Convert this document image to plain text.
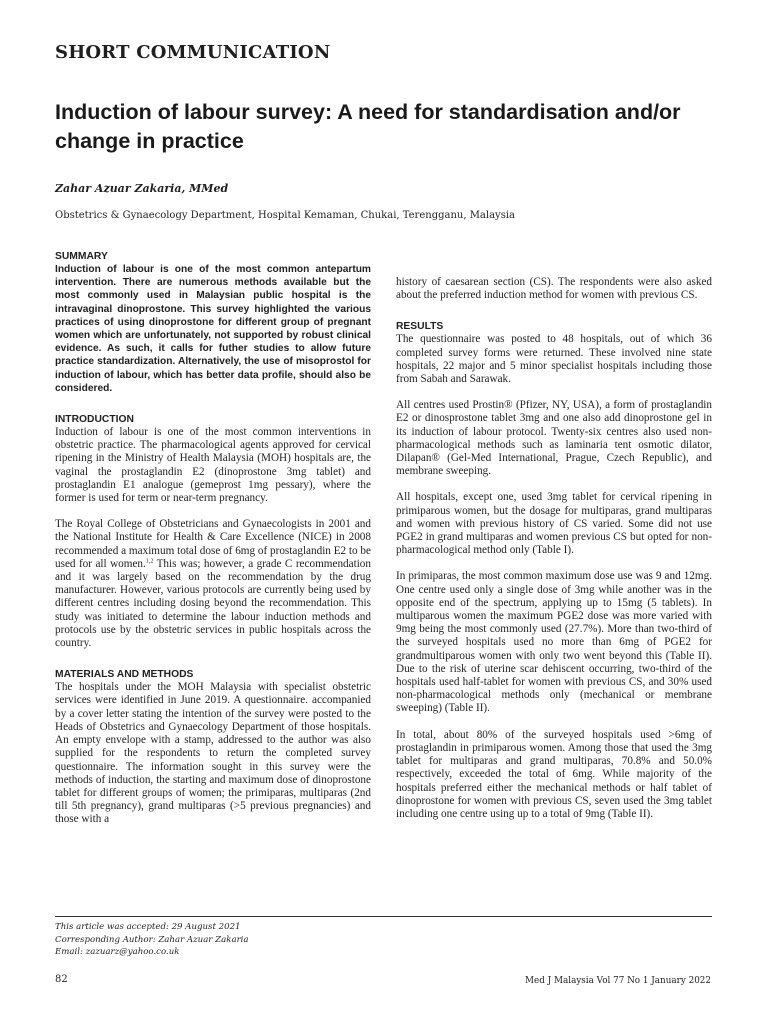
SHORT COMMUNICATION
Induction of labour survey: A need for standardisation and/or change in practice

Zahar Azuar Zakaria, MMed

Obstetrics & Gynaecology Department, Hospital Kemaman, Chukai, Terengganu, Malaysia

SUMMARY

Induction of labour is one of the most common antepartum intervention. There are numerous methods available but the most commonly used in Malaysian public hospital is the intravaginal dinoprostone. This survey highlighted the various practices of using dinoprostone for different group of pregnant women which are unfortunately, not supported by robust clinical evidence. As such, it calls for futher studies to allow future practice standardization. Alternatively, the use of misoprostol for induction of labour, which has better data profile, should also be considered.

INTRODUCTION

Induction of labour is one of the most common interventions in obstetric practice. The pharmacological agents approved for cervical ripening in the Ministry of Health Malaysia (MOH) hospitals are, the vaginal the prostaglandin E2 (dinoprostone 3mg tablet) and prostaglandin E1 analogue (gemeprost 1mg pessary), where the former is used for term or near-term pregnancy.

The Royal College of Obstetricians and Gynaecologists in 2001 and the National Institute for Health & Care Excellence (NICE) in 2008 recommended a maximum total dose of 6mg of prostaglandin E2 to be used for all women.$^{1,2}$ This was; however, a grade C recommendation and it was largely based on the recommendation by the drug manufacturer. However, various protocols are currently being used by different centres including dosing beyond the recommendation. This study was initiated to determine the labour induction methods and protocols use by the obstetric services in public hospitals across the country.

MATERIALS AND METHODS

The hospitals under the MOH Malaysia with specialist obstetric services were identified in June 2019. A questionnaire. accompanied by a cover letter stating the intention of the survey were posted to the Heads of Obstetrics and Gynaecology Department of those hospitals. An empty envelope with a stamp, addressed to the author was also supplied for the respondents to return the completed survey questionnaire. The information sought in this survey were the methods of induction, the starting and maximum dose of dinoprostone tablet for different groups of women; the primiparas, multiparas (2nd till 5th pregnancy), grand multiparas (>5 previous pregnancies) and those with a

history of caesarean section (CS). The respondents were also asked about the preferred induction method for women with previous CS.

RESULTS

The questionnaire was posted to 48 hospitals, out of which 36 completed survey forms were returned. These involved nine state hospitals, 22 major and 5 minor specialist hospitals including those from Sabah and Sarawak.

All centres used Prostin® (Pfizer, NY, USA), a form of prostaglandin E2 or dinosprostone tablet 3mg and one also add dinoprostone gel in its induction of labour protocol. Twenty-six centres also used non-pharmacological methods such as laminaria tent osmotic dilator, Dilapan® (Gel-Med International, Prague, Czech Republic), and membrane sweeping.

All hospitals, except one, used 3mg tablet for cervical ripening in primiparous women, but the dosage for multiparas, grand multiparas and women with previous history of CS varied. Some did not use PGE2 in grand multiparas and women previous CS but opted for non-pharmacological method only (Table I).

In primiparas, the most common maximum dose use was 9 and 12mg. One centre used only a single dose of 3mg while another was in the opposite end of the spectrum, applying up to 15mg (5 tablets). In multiparous women the maximum PGE2 dose was more varied with 9mg being the most commonly used (27.7%). More than two-third of the surveyed hospitals used no more than 6mg of PGE2 for grandmultiparous women with only two went beyond this (Table II). Due to the risk of uterine scar dehiscent occurring, two-third of the hospitals used half-tablet for women with previous CS, and 30% used non-pharmacological methods only (mechanical or membrane sweeping) (Table II).

In total, about 80% of the surveyed hospitals used >6mg of prostaglandin in primiparous women. Among those that used the 3mg tablet for multiparas and grand multiparas, 70.8% and 50.0% respectively, exceeded the total of 6mg. While majority of the hospitals preferred either the mechanical methods or half tablet of dinoprostone for women with previous CS, seven used the 3mg tablet including one centre using up to a total of 9mg (Table II).

This article was accepted: 29 August 2021
Corresponding Author: Zahar Azuar Zakaria
Email: zazuarz@yahoo.co.uk
82	Med J Malaysia Vol 77 No 1 January 2022
